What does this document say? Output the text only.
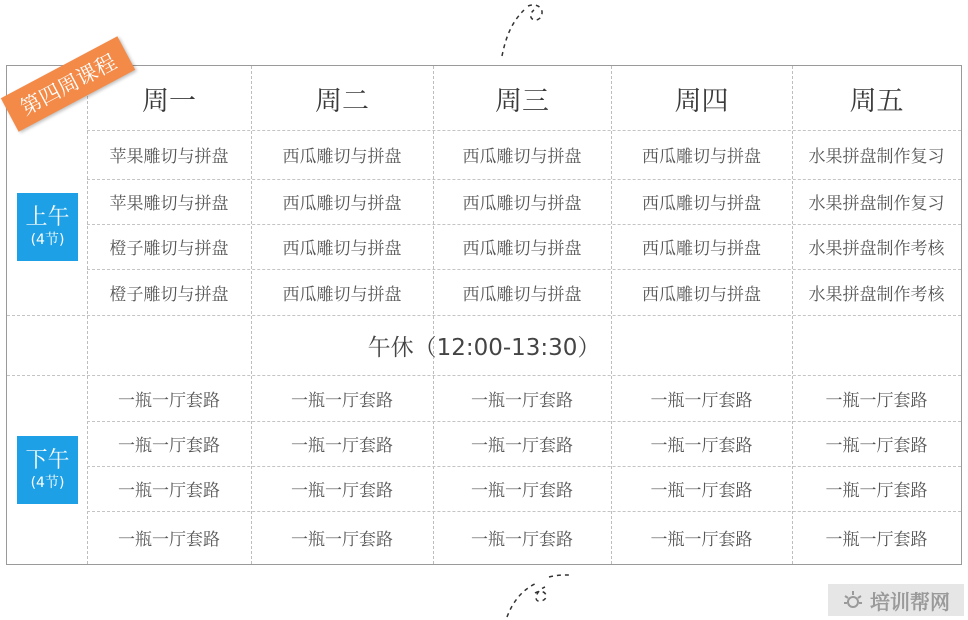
周一	周二	周三	周四	周五
苹果雕切与拼盘	西瓜雕切与拼盘	西瓜雕切与拼盘	西瓜雕切与拼盘	水果拼盘制作复习
苹果雕切与拼盘	西瓜雕切与拼盘	西瓜雕切与拼盘	西瓜雕切与拼盘	水果拼盘制作复习
橙子雕切与拼盘	西瓜雕切与拼盘	西瓜雕切与拼盘	西瓜雕切与拼盘	水果拼盘制作考核
橙子雕切与拼盘	西瓜雕切与拼盘	西瓜雕切与拼盘	西瓜雕切与拼盘	水果拼盘制作考核
午休（12:00-13:30）
一瓶一厅套路	一瓶一厅套路	一瓶一厅套路	一瓶一厅套路	一瓶一厅套路
一瓶一厅套路	一瓶一厅套路	一瓶一厅套路	一瓶一厅套路	一瓶一厅套路
一瓶一厅套路	一瓶一厅套路	一瓶一厅套路	一瓶一厅套路	一瓶一厅套路
一瓶一厅套路	一瓶一厅套路	一瓶一厅套路	一瓶一厅套路	一瓶一厅套路
上午
(4节)
下午
(4节)
第四周课程
培训帮网
